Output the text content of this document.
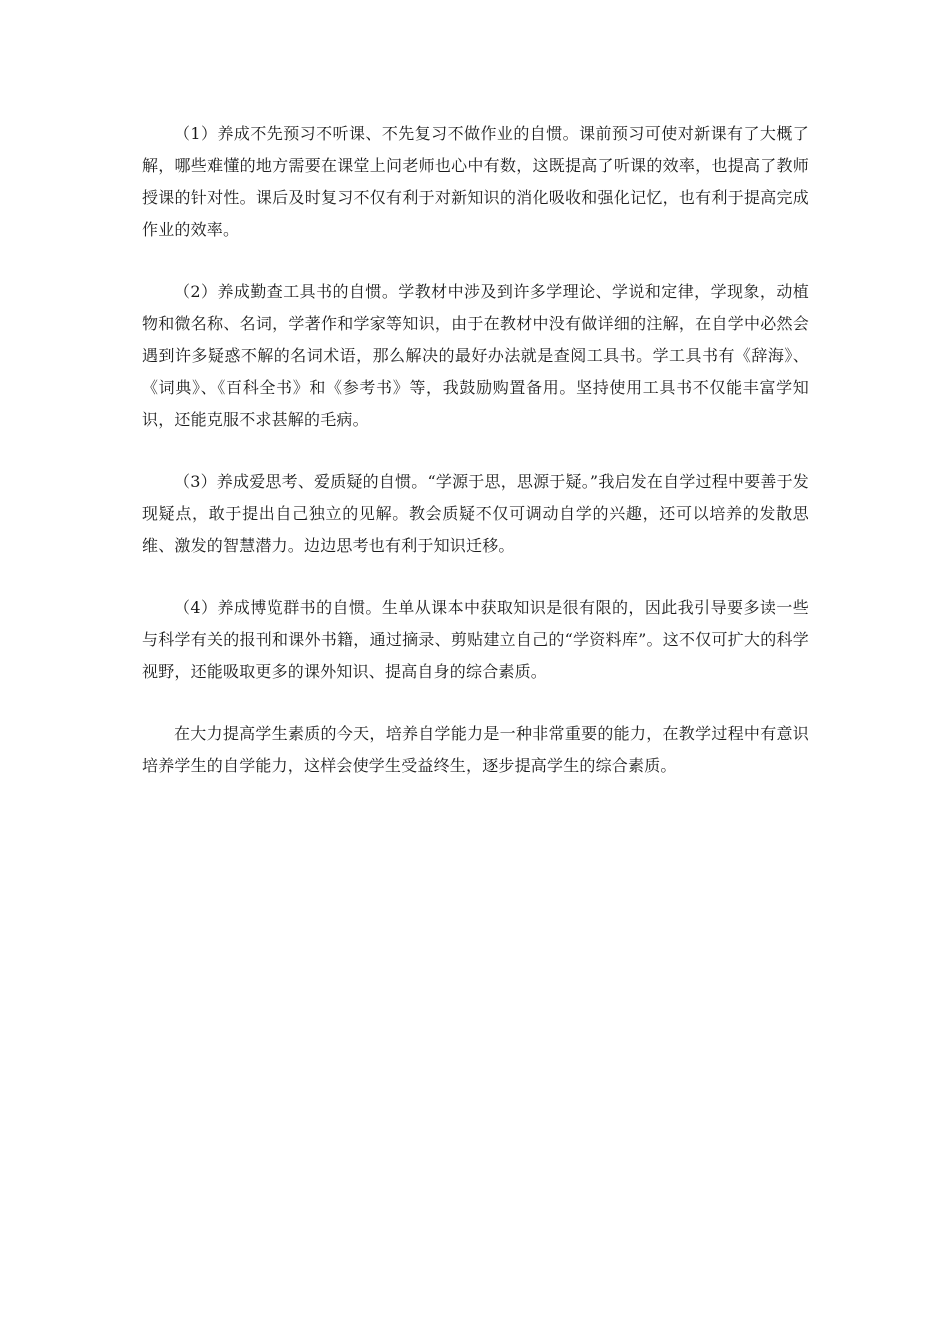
（1）养成不先预习不听课、不先复习不做作业的自惯。课前预习可使对新课有了大概了解，哪些难懂的地方需要在课堂上问老师也心中有数，这既提高了听课的效率，也提高了教师授课的针对性。课后及时复习不仅有利于对新知识的消化吸收和强化记忆，也有利于提高完成作业的效率。

（2）养成勤查工具书的自惯。学教材中涉及到许多学理论、学说和定律，学现象，动植物和微名称、名词，学著作和学家等知识，由于在教材中没有做详细的注解，在自学中必然会遇到许多疑惑不解的名词术语，那么解决的最好办法就是查阅工具书。学工具书有《辞海》、《词典》、《百科全书》和《参考书》等，我鼓励购置备用。坚持使用工具书不仅能丰富学知识，还能克服不求甚解的毛病。

（3）养成爱思考、爱质疑的自惯。“学源于思，思源于疑。”我启发在自学过程中要善于发现疑点，敢于提出自己独立的见解。教会质疑不仅可调动自学的兴趣，还可以培养的发散思维、激发的智慧潜力。边边思考也有利于知识迁移。

（4）养成博览群书的自惯。生单从课本中获取知识是很有限的，因此我引导要多读一些与科学有关的报刊和课外书籍，通过摘录、剪贴建立自己的“学资料库”。这不仅可扩大的科学视野，还能吸取更多的课外知识、提高自身的综合素质。

在大力提高学生素质的今天，培养自学能力是一种非常重要的能力，在教学过程中有意识培养学生的自学能力，这样会使学生受益终生，逐步提高学生的综合素质。
